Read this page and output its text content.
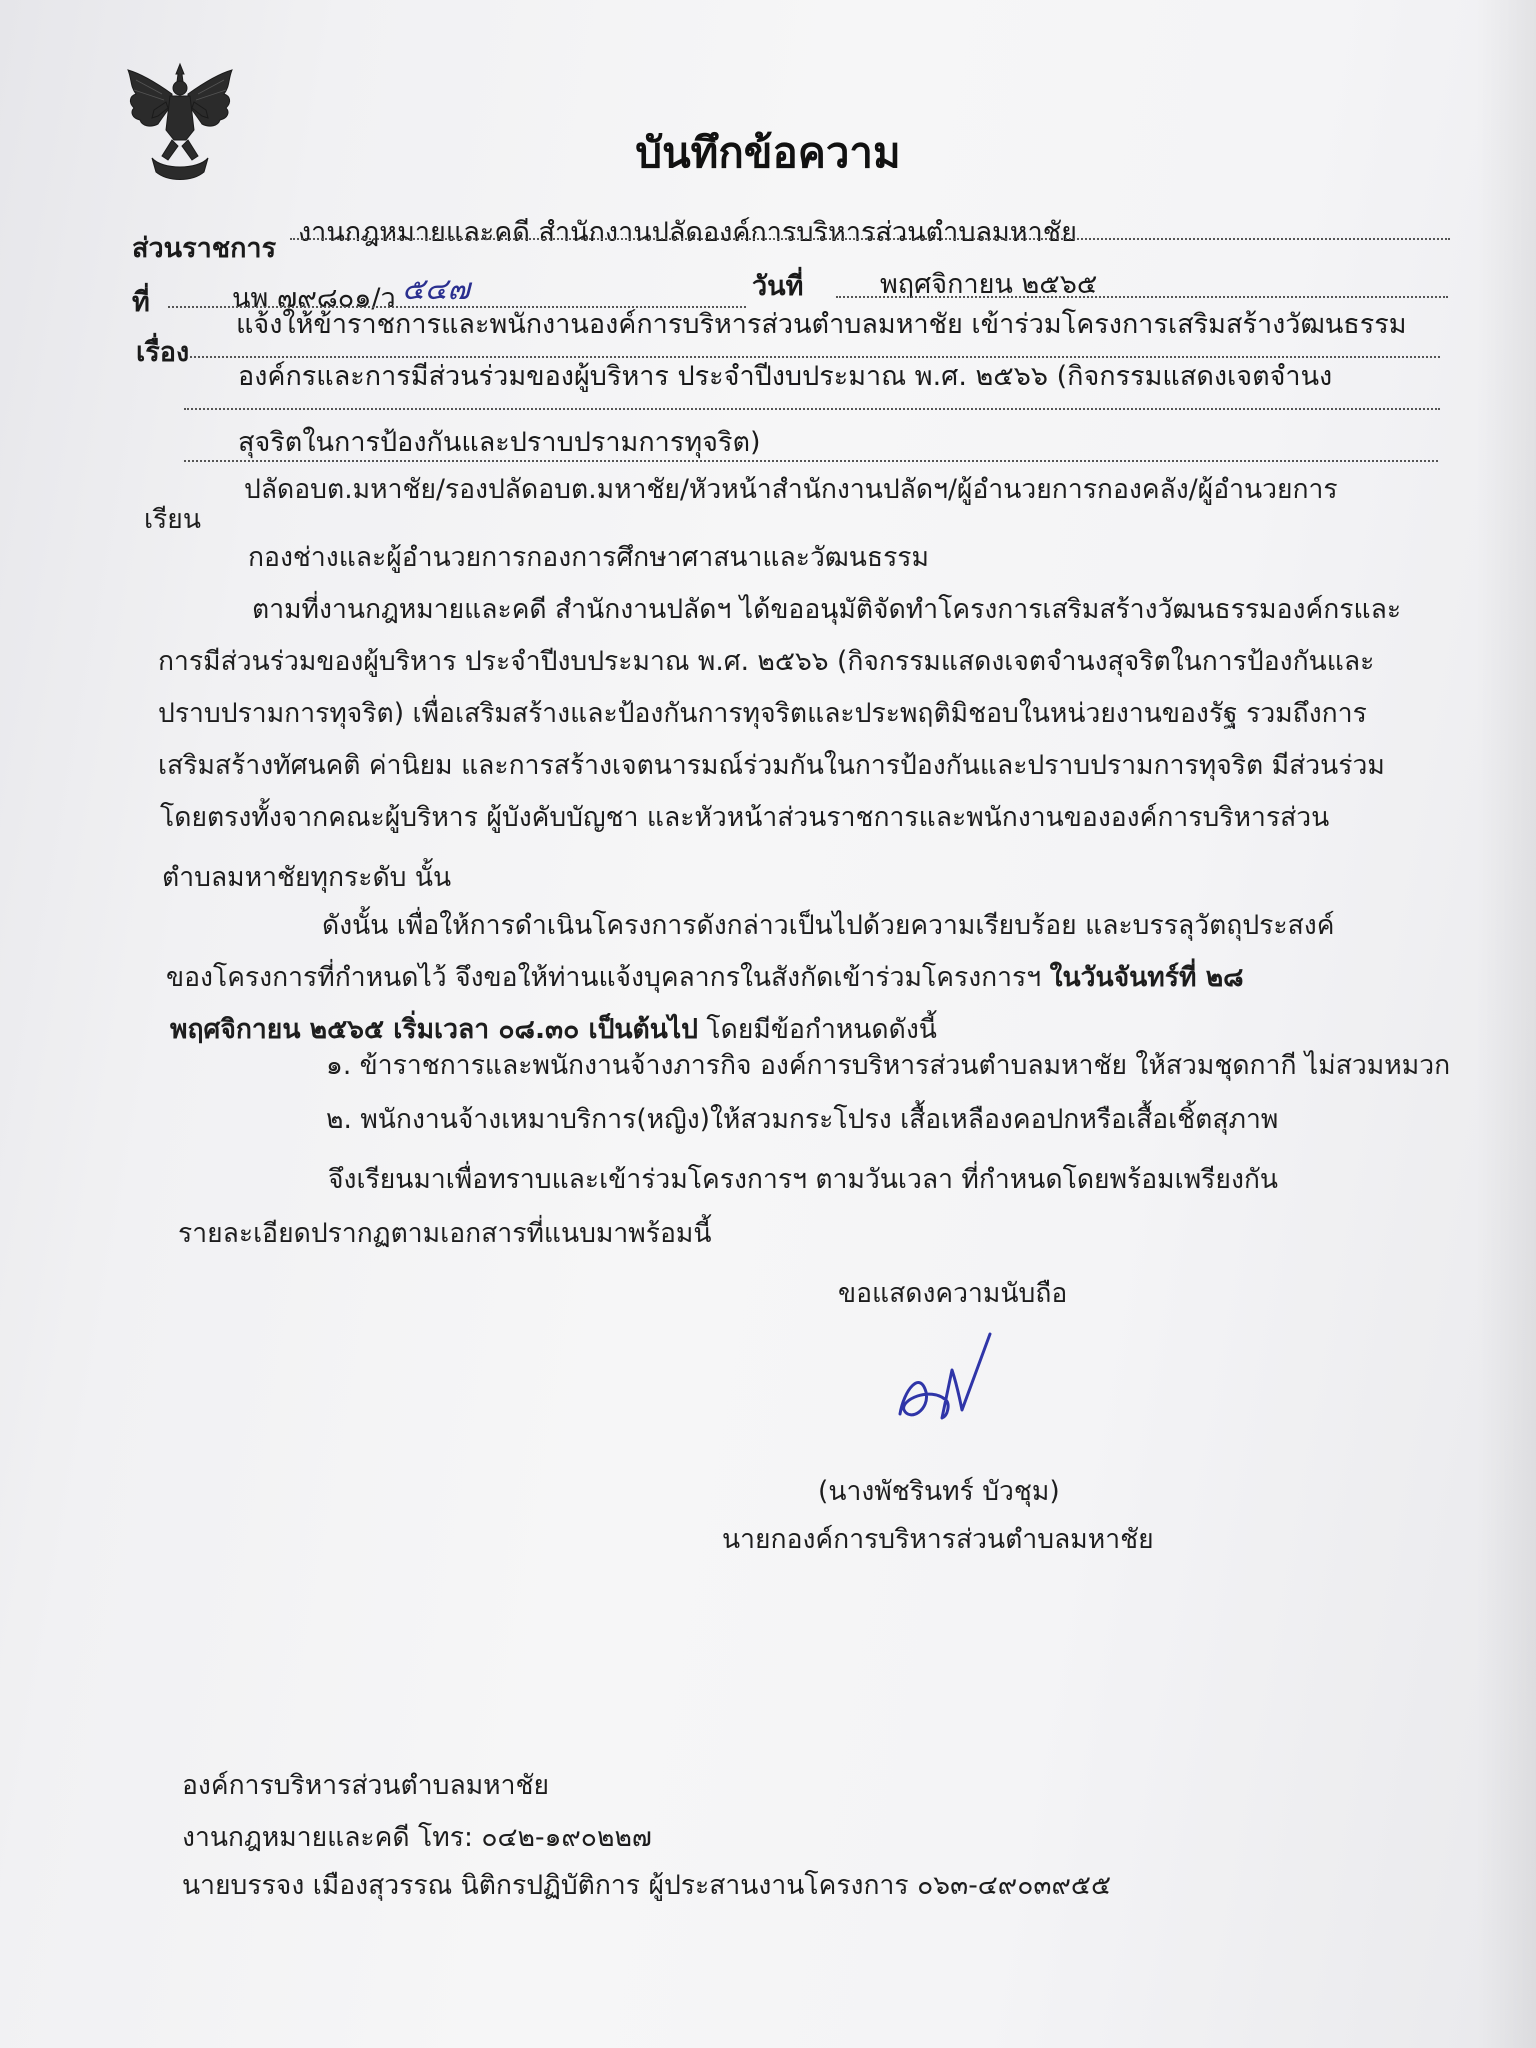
บันทึกข้อความ
ส่วนราชการ
งานกฎหมายและคดี สำนักงานปลัดองค์การบริหารส่วนตำบลมหาชัย
ที่	นพ ๗๙๘๐๑/ว ๕๔๗	วันที่	พฤศจิกายน ๒๕๖๕
เรื่อง
แจ้งให้ข้าราชการและพนักงานองค์การบริหารส่วนตำบลมหาชัย เข้าร่วมโครงการเสริมสร้างวัฒนธรรม
องค์กรและการมีส่วนร่วมของผู้บริหาร ประจำปีงบประมาณ พ.ศ. ๒๕๖๖ (กิจกรรมแสดงเจตจำนง
สุจริตในการป้องกันและปราบปรามการทุจริต)
เรียน
ปลัดอบต.มหาชัย/รองปลัดอบต.มหาชัย/หัวหน้าสำนักงานปลัดฯ/ผู้อำนวยการกองคลัง/ผู้อำนวยการ
กองช่างและผู้อำนวยการกองการศึกษาศาสนาและวัฒนธรรม
ตามที่งานกฎหมายและคดี สำนักงานปลัดฯ ได้ขออนุมัติจัดทำโครงการเสริมสร้างวัฒนธรรมองค์กรและ
การมีส่วนร่วมของผู้บริหาร ประจำปีงบประมาณ พ.ศ. ๒๕๖๖ (กิจกรรมแสดงเจตจำนงสุจริตในการป้องกันและ
ปราบปรามการทุจริต) เพื่อเสริมสร้างและป้องกันการทุจริตและประพฤติมิชอบในหน่วยงานของรัฐ รวมถึงการ
เสริมสร้างทัศนคติ ค่านิยม และการสร้างเจตนารมณ์ร่วมกันในการป้องกันและปราบปรามการทุจริต มีส่วนร่วม
โดยตรงทั้งจากคณะผู้บริหาร ผู้บังคับบัญชา และหัวหน้าส่วนราชการและพนักงานขององค์การบริหารส่วน
ตำบลมหาชัยทุกระดับ นั้น
ดังนั้น เพื่อให้การดำเนินโครงการดังกล่าวเป็นไปด้วยความเรียบร้อย และบรรลุวัตถุประสงค์
ของโครงการที่กำหนดไว้ จึงขอให้ท่านแจ้งบุคลากรในสังกัดเข้าร่วมโครงการฯ ในวันจันทร์ที่ ๒๘
พฤศจิกายน ๒๕๖๕ เริ่มเวลา ๐๘.๓๐ เป็นต้นไป โดยมีข้อกำหนดดังนี้
๑. ข้าราชการและพนักงานจ้างภารกิจ องค์การบริหารส่วนตำบลมหาชัย ให้สวมชุดกากี ไม่สวมหมวก
๒. พนักงานจ้างเหมาบริการ(หญิง)ให้สวมกระโปรง เสื้อเหลืองคอปกหรือเสื้อเชิ้ตสุภาพ
จึงเรียนมาเพื่อทราบและเข้าร่วมโครงการฯ ตามวันเวลา ที่กำหนดโดยพร้อมเพรียงกัน
รายละเอียดปรากฏตามเอกสารที่แนบมาพร้อมนี้
ขอแสดงความนับถือ
(นางพัชรินทร์ บัวชุม)
นายกองค์การบริหารส่วนตำบลมหาชัย
องค์การบริหารส่วนตำบลมหาชัย
งานกฎหมายและคดี โทร: ๐๔๒-๑๙๐๒๒๗
นายบรรจง เมืองสุวรรณ นิติกรปฏิบัติการ ผู้ประสานงานโครงการ ๐๖๓-๔๙๐๓๙๕๕
